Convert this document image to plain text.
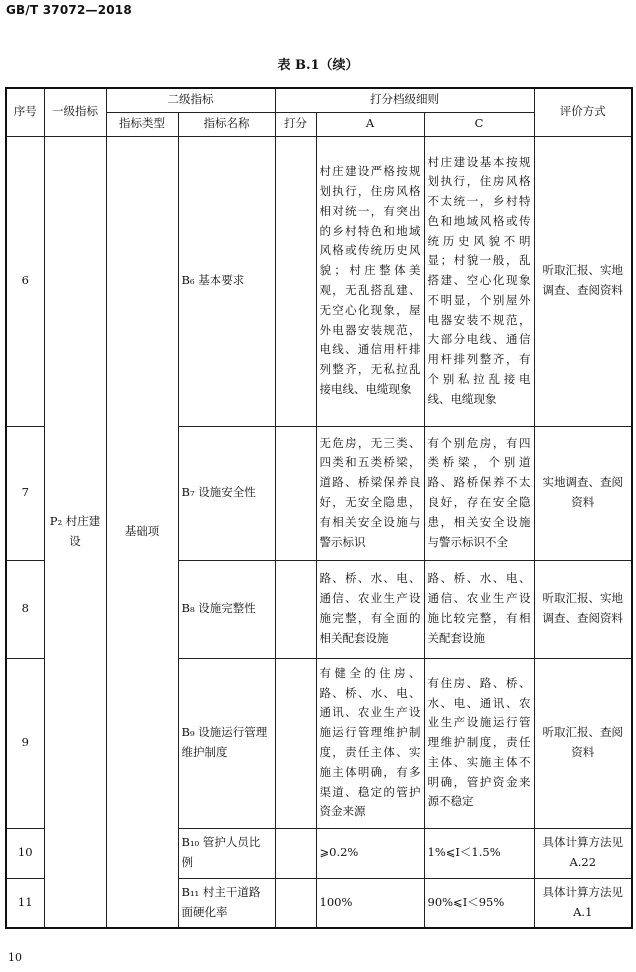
GB/T 37072—2018
表 B.1（续）
序号	一级指标	二级指标		打分档级细则			评价方式
		指标类型	指标名称	打分	A	C	
6	P₂ 村庄建设	基础项	B₆ 基本要求		村庄建设严格按规划执行，住房风格相对统一，有突出的乡村特色和地域风格或传统历史风貌；村庄整体美观，无乱搭乱建、无空心化现象，屋外电器安装规范，电线、通信用杆排列整齐，无私拉乱接电线、电缆现象	村庄建设基本按规划执行，住房风格不太统一，乡村特色和地域风格或传统历史风貌不明显；村貌一般，乱搭建、空心化现象不明显，个别屋外电器安装不规范，大部分电线、通信用杆排列整齐，有个别私拉乱接电线、电缆现象	听取汇报、实地调查、查阅资料
7			B₇ 设施安全性		无危房，无三类、四类和五类桥梁，道路、桥梁保养良好，无安全隐患，有相关安全设施与警示标识	有个别危房，有四类桥梁，个别道路、路桥保养不太良好，存在安全隐患，相关安全设施与警示标识不全	实地调查、查阅资料
8			B₈ 设施完整性		路、桥、水、电、通信、农业生产设施完整，有全面的相关配套设施	路、桥、水、电、通信、农业生产设施比较完整，有相关配套设施	听取汇报、实地调查、查阅资料
9			B₉ 设施运行管理维护制度		有健全的住房、路、桥、水、电、通讯、农业生产设施运行管理维护制度，责任主体、实施主体明确，有多渠道、稳定的管护资金来源	有住房、路、桥、水、电、通讯、农业生产设施运行管理维护制度，责任主体、实施主体不明确，管护资金来源不稳定	听取汇报、查阅资料
10			B₁₀ 管护人员比例		⩾0.2%	1%⩽I＜1.5%	具体计算方法见 A.22
11			B₁₁ 村主干道路面硬化率		100%	90%⩽I＜95%	具体计算方法见 A.1
10
